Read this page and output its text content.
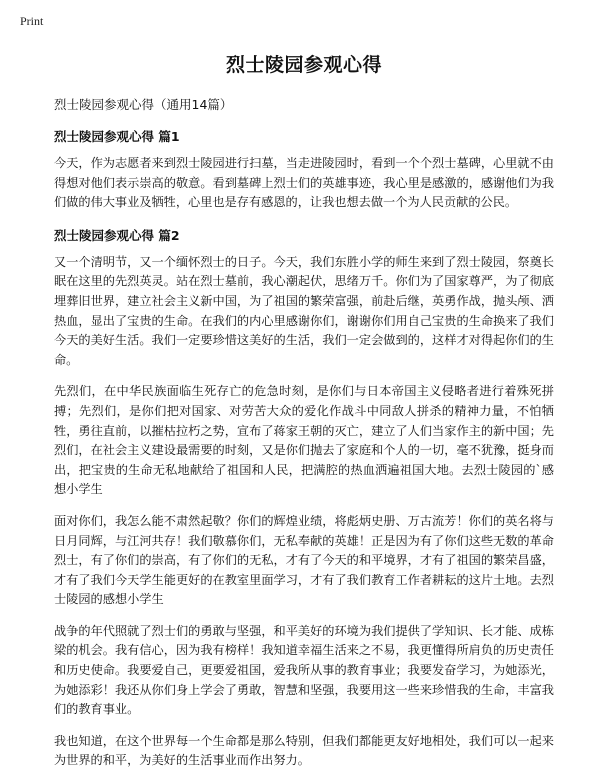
Print
烈士陵园参观心得
烈士陵园参观心得（通用14篇）
烈士陵园参观心得 篇1

今天，作为志愿者来到烈士陵园进行扫墓，当走进陵园时，看到一个个烈士墓碑，心里就不由得想对他们表示崇高的敬意。看到墓碑上烈士们的英雄事迹，我心里是感激的，感谢他们为我们做的伟大事业及牺牲，心里也是存有感恩的，让我也想去做一个为人民贡献的公民。

烈士陵园参观心得 篇2

又一个清明节，又一个缅怀烈士的日子。今天，我们东胜小学的师生来到了烈士陵园，祭奠长眠在这里的先烈英灵。站在烈士墓前，我心潮起伏，思绪万千。你们为了国家尊严，为了彻底埋葬旧世界，建立社会主义新中国，为了祖国的繁荣富强，前赴后继，英勇作战，抛头颅、洒热血，显出了宝贵的生命。在我们的内心里感谢你们，谢谢你们用自己宝贵的生命换来了我们今天的美好生活。我们一定要珍惜这美好的生活，我们一定会做到的，这样才对得起你们的生命。

先烈们，在中华民族面临生死存亡的危急时刻，是你们与日本帝国主义侵略者进行着殊死拼搏；先烈们，是你们把对国家、对劳苦大众的爱化作战斗中同敌人拼杀的精神力量，不怕牺牲，勇往直前，以摧枯拉朽之势，宣布了蒋家王朝的灭亡，建立了人们当家作主的新中国；先烈们，在社会主义建设最需要的时刻，又是你们抛去了家庭和个人的一切，毫不犹豫，挺身而出，把宝贵的生命无私地献给了祖国和人民，把满腔的热血洒遍祖国大地。去烈士陵园的`感想小学生

面对你们，我怎么能不肃然起敬？你们的辉煌业绩，将彪炳史册、万古流芳！你们的英名将与日月同辉，与江河共存！我们敬慕你们，无私奉献的英雄！正是因为有了你们这些无数的革命烈士，有了你们的崇高，有了你们的无私，才有了今天的和平境界，才有了祖国的繁荣昌盛，才有了我们今天学生能更好的在教室里面学习，才有了我们教育工作者耕耘的这片土地。去烈士陵园的感想小学生

战争的年代照就了烈士们的勇敢与坚强，和平美好的环境为我们提供了学知识、长才能、成栋梁的机会。我有信心，因为我有榜样！我知道幸福生活来之不易，我更懂得所肩负的历史责任和历史使命。我要爱自己，更要爱祖国，爱我所从事的教育事业；我要发奋学习，为她添光，为她添彩！我还从你们身上学会了勇敢，智慧和坚强，我要用这一些来珍惜我的生命，丰富我们的教育事业。

我也知道，在这个世界每一个生命都是那么特别，但我们都能更友好地相处，我们可以一起来为世界的和平，为美好的生活事业而作出努力。
